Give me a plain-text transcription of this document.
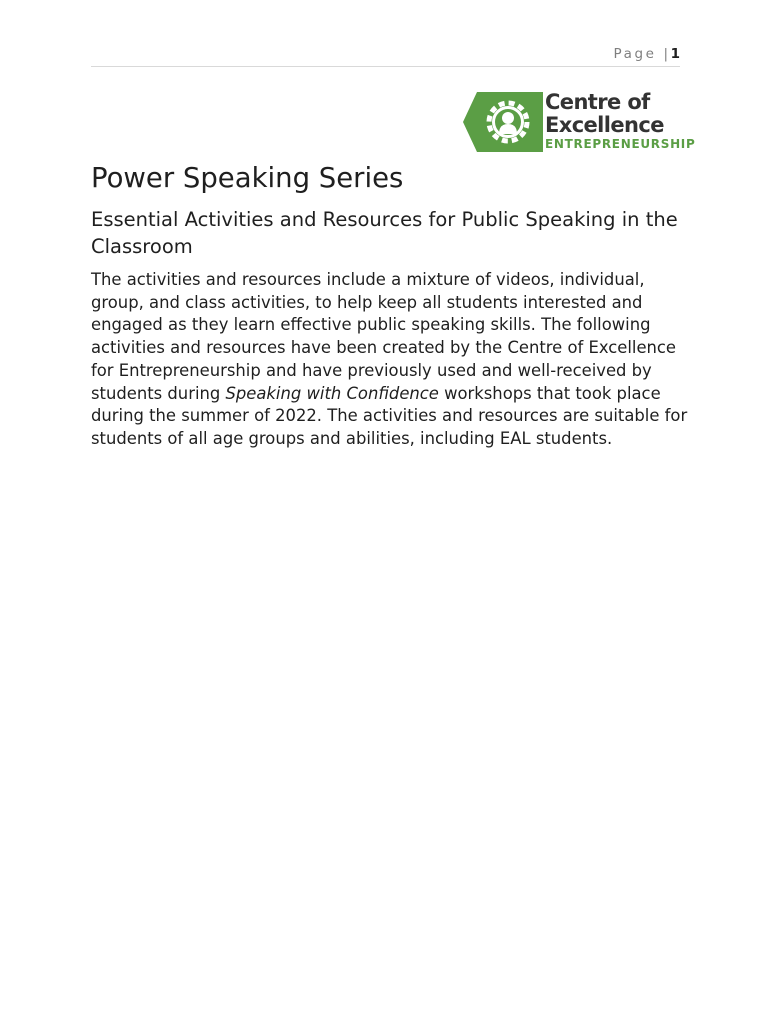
Page |1
Centre of
Excellence
ENTREPRENEURSHIP
Power Speaking Series
Essential Activities and Resources for Public Speaking in the Classroom

The activities and resources include a mixture of videos, individual, group, and class activities, to help keep all students interested and engaged as they learn effective public speaking skills. The following activities and resources have been created by the Centre of Excellence for Entrepreneurship and have previously used and well-received by students during Speaking with Confidence workshops that took place during the summer of 2022. The activities and resources are suitable for students of all age groups and abilities, including EAL students.
